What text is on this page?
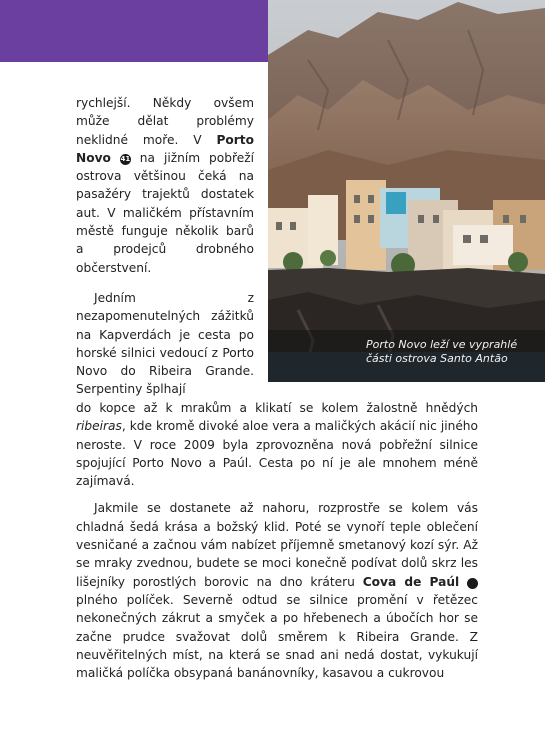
Porto Novo leží ve vyprahlé
části ostrova Santo Antão

rychlejší. Někdy ovšem může dělat problémy neklidné moře. V Porto Novo 41 na jižním pobřeží ostrova většinou čeká na pasažéry trajektů dostatek aut. V maličkém přístavním městě funguje několik barů a prodejců drobného občerstvení.

Jedním z nezapomenutelných zážitků na Kapverdách je cesta po horské silnici vedoucí z Porto Novo do Ribeira Grande. Serpentiny šplhají

do kopce až k mrakům a klikatí se kolem žalostně hnědých ribeiras, kde kromě divoké aloe vera a maličkých akácií nic jiného neroste. V roce 2009 byla zprovozněna nová pobřežní silnice spojující Porto Novo a Paúl. Cesta po ní je ale mnohem méně zajímavá.

Jakmile se dostanete až nahoru, rozprostře se kolem vás chladná šedá krása a božský klid. Poté se vynoří teple oblečení vesničané a začnou vám nabízet příjemně smetanový kozí sýr. Až se mraky zvednou, budete se moci konečně podívat dolů skrz les lišejníky porostlých borovic na dno kráteru Cova de Paúl	42 plného políček. Severně odtud se silnice promění v řetězec nekonečných zákrut a smyček a po hřebenech a úbočích hor se začne prudce svažovat dolů směrem k Ribeira Grande. Z neuvěřitelných míst, na která se snad ani nedá dostat, vykukují maličká políčka obsypaná banánovníky, kasavou a cukrovou
